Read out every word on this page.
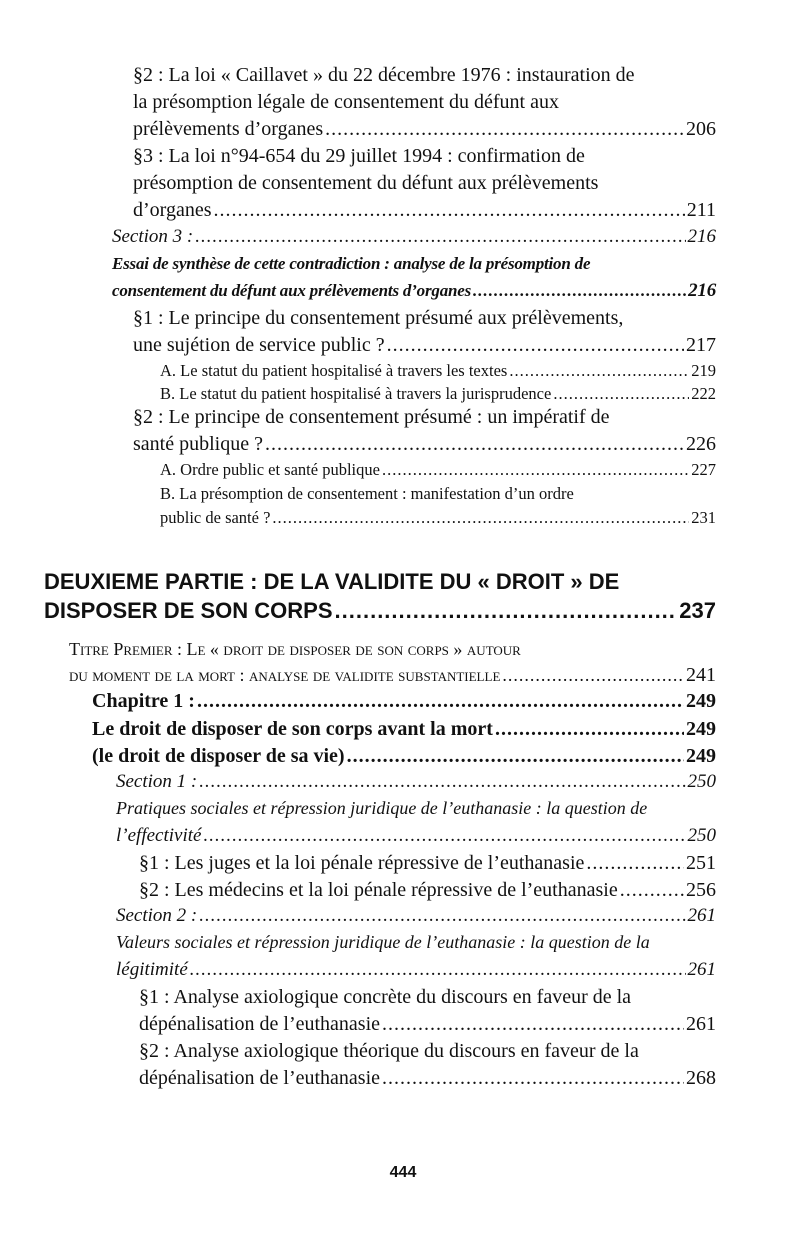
§2 : La loi « Caillavet » du 22 décembre 1976 : instauration de
la présomption légale de consentement du défunt aux
prélèvements d’organes .....	206
§3 : La loi n°94-654 du 29 juillet 1994 : confirmation de
présomption de consentement du défunt aux prélèvements
d’organes .....	211
Section 3 : .....	216
Essai de synthèse de cette contradiction : analyse de la présomption de
consentement du défunt aux prélèvements d’organes .....	216
§1 : Le principe du consentement présumé aux prélèvements,
une sujétion de service public ? .....	217
A. Le statut du patient hospitalisé à travers les textes .....	219
B. Le statut du patient hospitalisé à travers la jurisprudence .....	222
§2 : Le principe de consentement présumé : un impératif de
santé publique ? .....	226
A. Ordre public et santé publique .....	227
B. La présomption de consentement : manifestation d’un ordre
public de santé ? .....	231
DEUXIEME PARTIE : DE LA VALIDITE DU « DROIT » DE
DISPOSER DE SON CORPS .....	237
Titre Premier : Le « droit de disposer de son corps » autour
du moment de la mort : analyse de validite substantielle .....	241
Chapitre 1 : .....	249
Le droit de disposer de son corps avant la mort .....	249
(le droit de disposer de sa vie) .....	249
Section 1 : .....	250
Pratiques sociales et répression juridique de l’euthanasie : la question de
l’effectivité .....	250
§1 : Les juges et la loi pénale répressive de l’euthanasie .....	251
§2 : Les médecins et la loi pénale répressive de l’euthanasie .....	256
Section 2 : .....	261
Valeurs sociales et répression juridique de l’euthanasie : la question de la
légitimité .....	261
§1 : Analyse axiologique concrète du discours en faveur de la
dépénalisation de l’euthanasie .....	261
§2 : Analyse axiologique théorique du discours en faveur de la
dépénalisation de l’euthanasie .....	268
444
